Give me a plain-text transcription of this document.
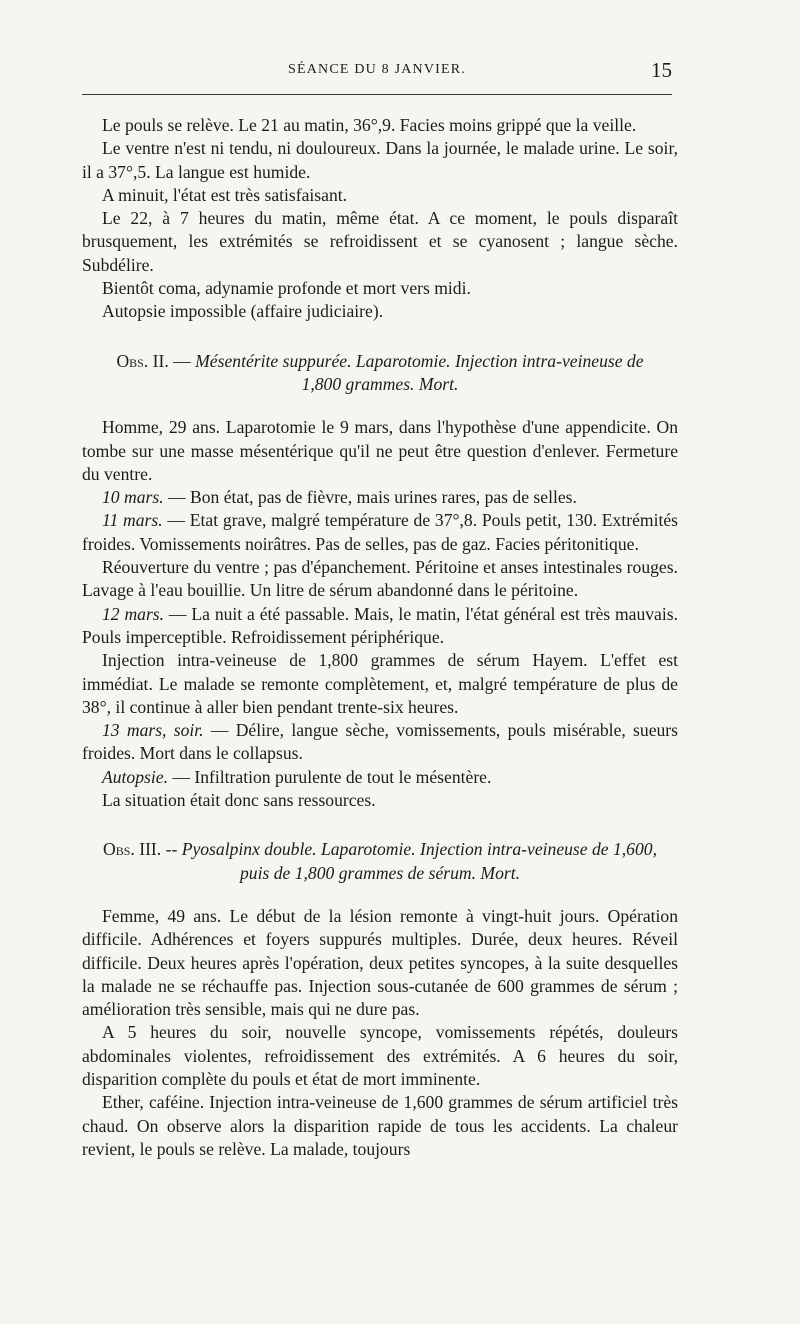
SÉANCE DU 8 JANVIER.	15

Le pouls se relève. Le 21 au matin, 36°,9. Facies moins grippé que la veille.

Le ventre n'est ni tendu, ni douloureux. Dans la journée, le malade urine. Le soir, il a 37°,5. La langue est humide.

A minuit, l'état est très satisfaisant.

Le 22, à 7 heures du matin, même état. A ce moment, le pouls disparaît brusquement, les extrémités se refroidissent et se cyanosent ; langue sèche. Subdélire.

Bientôt coma, adynamie profonde et mort vers midi.

Autopsie impossible (affaire judiciaire).

Obs. II. — Mésentérite suppurée. Laparotomie. Injection intra-veineuse de 1,800 grammes. Mort.

Homme, 29 ans. Laparotomie le 9 mars, dans l'hypothèse d'une appendicite. On tombe sur une masse mésentérique qu'il ne peut être question d'enlever. Fermeture du ventre.

10 mars. — Bon état, pas de fièvre, mais urines rares, pas de selles.

11 mars. — Etat grave, malgré température de 37°,8. Pouls petit, 130. Extrémités froides. Vomissements noirâtres. Pas de selles, pas de gaz. Facies péritonitique.

Réouverture du ventre ; pas d'épanchement. Péritoine et anses intestinales rouges. Lavage à l'eau bouillie. Un litre de sérum abandonné dans le péritoine.

12 mars. — La nuit a été passable. Mais, le matin, l'état général est très mauvais. Pouls imperceptible. Refroidissement périphérique.

Injection intra-veineuse de 1,800 grammes de sérum Hayem. L'effet est immédiat. Le malade se remonte complètement, et, malgré température de plus de 38°, il continue à aller bien pendant trente-six heures.

13 mars, soir. — Délire, langue sèche, vomissements, pouls misérable, sueurs froides. Mort dans le collapsus.

Autopsie. — Infiltration purulente de tout le mésentère.

La situation était donc sans ressources.

Obs. III. -- Pyosalpinx double. Laparotomie. Injection intra-veineuse de 1,600, puis de 1,800 grammes de sérum. Mort.

Femme, 49 ans. Le début de la lésion remonte à vingt-huit jours. Opération difficile. Adhérences et foyers suppurés multiples. Durée, deux heures. Réveil difficile. Deux heures après l'opération, deux petites syncopes, à la suite desquelles la malade ne se réchauffe pas. Injection sous-cutanée de 600 grammes de sérum ; amélioration très sensible, mais qui ne dure pas.

A 5 heures du soir, nouvelle syncope, vomissements répétés, douleurs abdominales violentes, refroidissement des extrémités. A 6 heures du soir, disparition complète du pouls et état de mort imminente.

Ether, caféine. Injection intra-veineuse de 1,600 grammes de sérum artificiel très chaud. On observe alors la disparition rapide de tous les accidents. La chaleur revient, le pouls se relève. La malade, toujours
